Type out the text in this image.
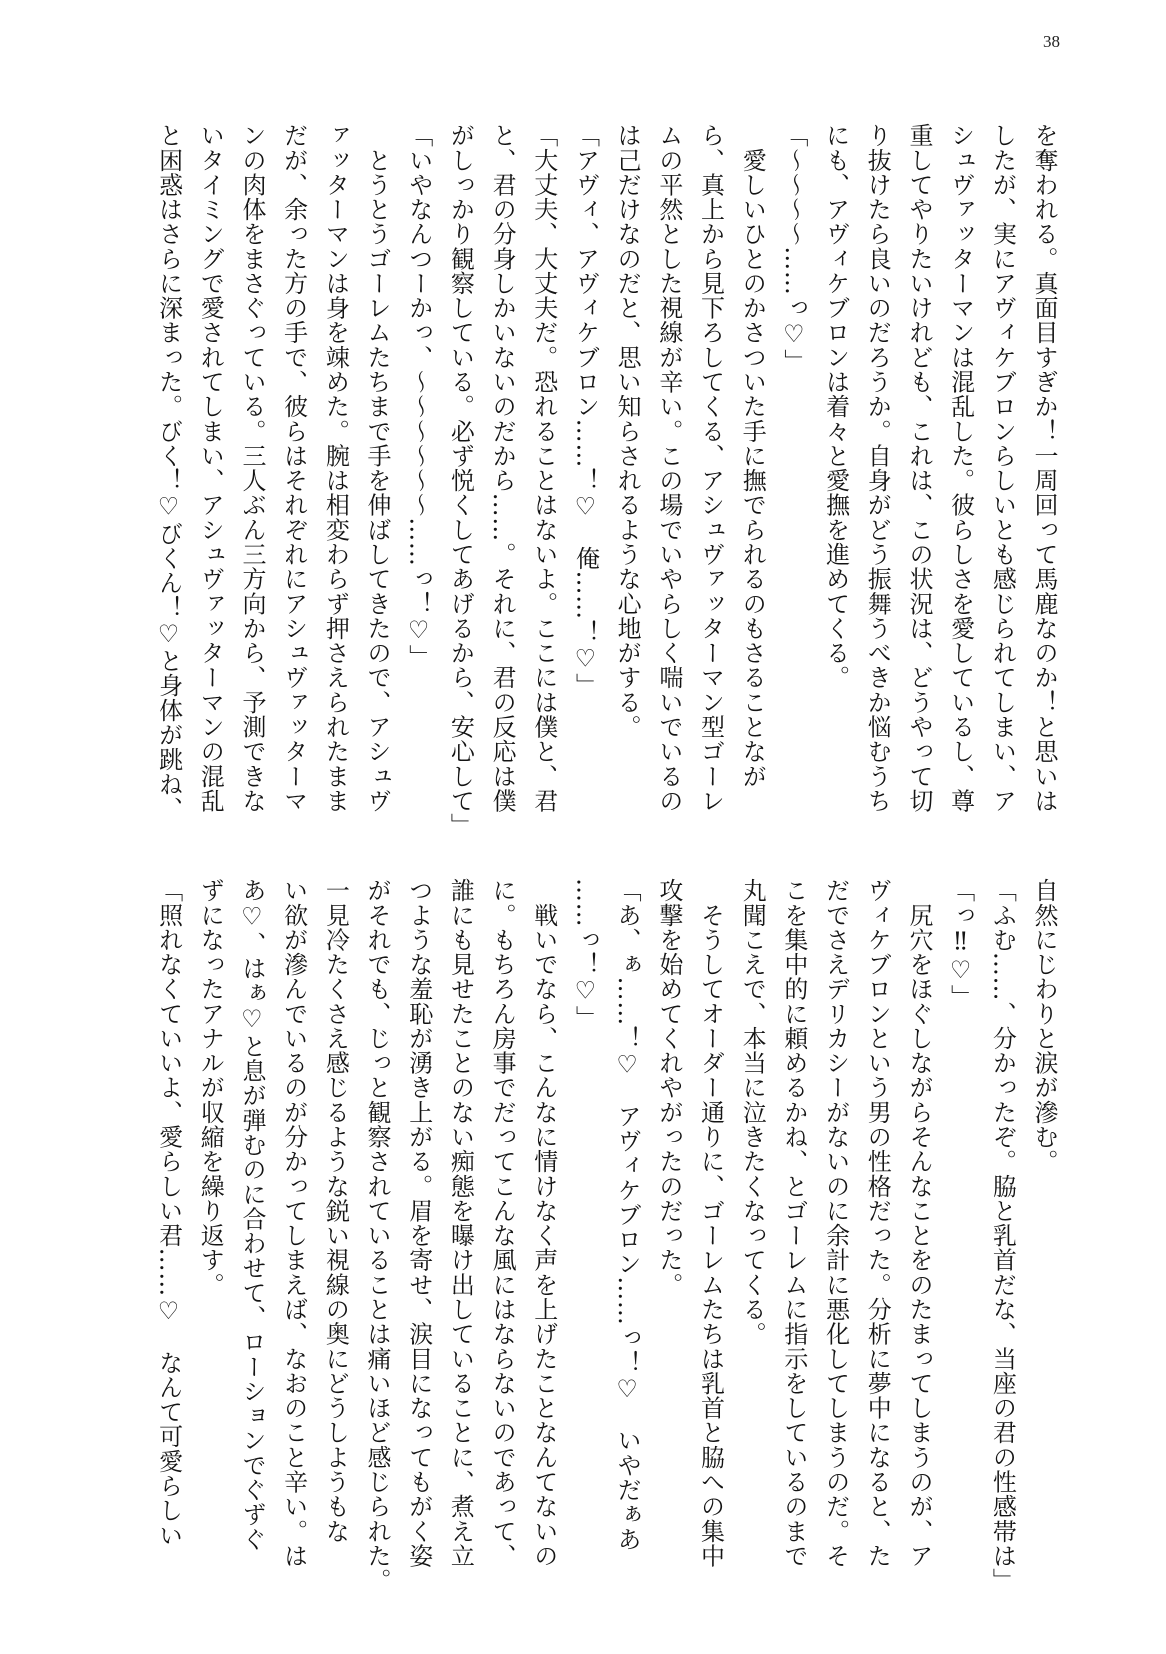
38
を奪われる。真面目すぎか！一周回って馬鹿なのか！と思いは
したが、実にアヴィケブロンらしいとも感じられてしまい、ア
シュヴァッターマンは混乱した。彼らしさを愛しているし、尊
重してやりたいけれども、これは、この状況は、どうやって切
り抜けたら良いのだろうか。自身がどう振舞うべきか悩むうち
にも、アヴィケブロンは着々と愛撫を進めてくる。
「～～～～……っ♡」
　愛しいひとのかさついた手に撫でられるのもさることなが
ら、真上から見下ろしてくる、アシュヴァッターマン型ゴーレ
ムの平然とした視線が辛い。この場でいやらしく喘いでいるの
は己だけなのだと、思い知らされるような心地がする。
「アヴィ、アヴィケブロン……！♡　俺……！♡」
「大丈夫、大丈夫だ。恐れることはないよ。ここには僕と、君
と、君の分身しかいないのだから……。それに、君の反応は僕
がしっかり観察している。必ず悦くしてあげるから、安心して」
「いやなんつーかっ、～～～～～～……っ！♡」
　とうとうゴーレムたちまで手を伸ばしてきたので、アシュヴ
ァッターマンは身を竦めた。腕は相変わらず押さえられたまま
だが、余った方の手で、彼らはそれぞれにアシュヴァッターマ
ンの肉体をまさぐっている。三人ぶん三方向から、予測できな
いタイミングで愛されてしまい、アシュヴァッターマンの混乱
と困惑はさらに深まった。びく！♡びくん！♡と身体が跳ね、
自然にじわりと涙が滲む。
「ふむ……、分かったぞ。脇と乳首だな、当座の君の性感帯は」
「っ‼♡」
　尻穴をほぐしながらそんなことをのたまってしまうのが、ア
ヴィケブロンという男の性格だった。分析に夢中になると、た
だでさえデリカシーがないのに余計に悪化してしまうのだ。そ
こを集中的に頼めるかね、とゴーレムに指示をしているのまで
丸聞こえで、本当に泣きたくなってくる。
　そうしてオーダー通りに、ゴーレムたちは乳首と脇への集中
攻撃を始めてくれやがったのだった。
「あ、ぁ……！♡　アヴィケブロン……っ！♡　いやだぁあ
……っ！♡」
　戦いでなら、こんなに情けなく声を上げたことなんてないの
に。もちろん房事でだってこんな風にはならないのであって、
誰にも見せたことのない痴態を曝け出していることに、煮え立
つような羞恥が湧き上がる。眉を寄せ、涙目になってもがく姿
がそれでも、じっと観察されていることは痛いほど感じられた。
一見冷たくさえ感じるような鋭い視線の奥にどうしようもな
い欲が滲んでいるのが分かってしまえば、なおのこと辛い。は
あ♡、はぁ♡と息が弾むのに合わせて、ローションでぐずぐ
ずになったアナルが収縮を繰り返す。
「照れなくていいよ、愛らしい君……♡　なんて可愛らしい
